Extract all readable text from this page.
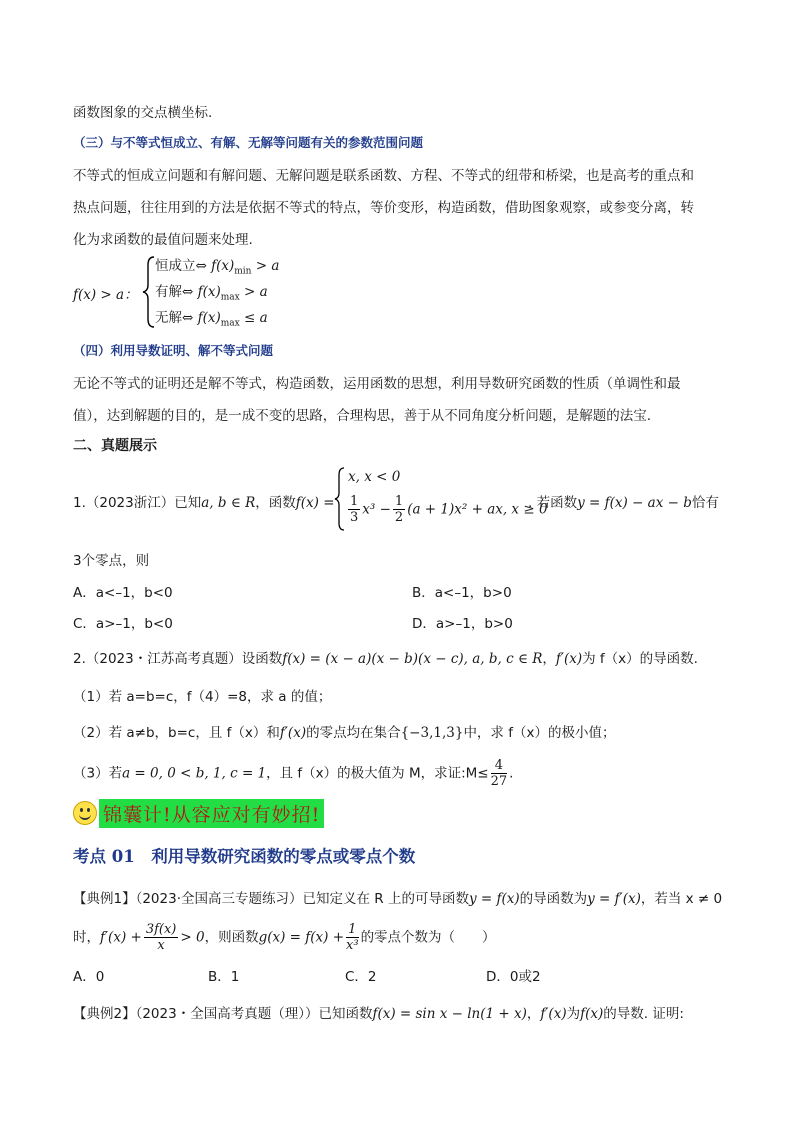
函数图象的交点横坐标.
（三）与不等式恒成立、有解、无解等问题有关的参数范围问题
不等式的恒成立问题和有解问题、无解问题是联系函数、方程、不等式的纽带和桥梁，也是高考的重点和
热点问题，往往用到的方法是依据不等式的特点，等价变形，构造函数，借助图象观察，或参变分离，转
化为求函数的最值问题来处理.
f(x) > a：
恒成立⇔ $f(x)_{min} > a$
有解⇔ $f(x)_{max} > a$
无解⇔ $f(x)_{max} \le a$
（四）利用导数证明、解不等式问题
无论不等式的证明还是解不等式，构造函数，运用函数的思想，利用导数研究函数的性质（单调性和最
值），达到解题的目的，是一成不变的思路，合理构思，善于从不同角度分析问题，是解题的法宝.
二、真题展示
1.（2023浙江）已知a, b ∈ R，函数f(x) =
x, x < 0
$\frac{1}{3} x^3 - \frac{1}{2} (a + 1)x^2$ + ax, x ≥ 0
. 若函数y = f(x) − ax − b恰有
3个零点，则
A．a<–1，b<0	B．a<–1，b>0
C．a>–1，b<0	D．a>–1，b>0
2.（2023・江苏高考真题）设函数f(x) = (x − a)(x − b)(x − c), a, b, c ∈ R，f′(x)为 f（x）的导函数.
（1）若 a=b=c，f（4）=8，求 a 的值；
（2）若 a≠b，b=c，且 f（x）和f′(x)的零点均在集合{−3,1,3}中，求 f（x）的极小值；
（3）若a = 0, 0 < b, 1, c = 1，且 f（x）的极大值为 M，求证:M≤ $\frac{4}{27}$ .
锦囊计!从容应对有妙招!
考点 01　利用导数研究函数的零点或零点个数
【典例1】（2023·全国高三专题练习）已知定义在 R 上的可导函数y = f(x)的导函数为y = f′(x)，若当 x ≠ 0
时，$f'(x) + \frac{3f(x)}{x} > 0$，则函数$g(x) = f(x) + \frac{1}{\text{x³}}$ 的零点个数为（　　）
A．0	B．1	C．2	D．0或2
【典例2】（2023・全国高考真题（理））已知函数f(x) = sin x − ln(1 + x)，f′(x)为f(x)的导数. 证明:
